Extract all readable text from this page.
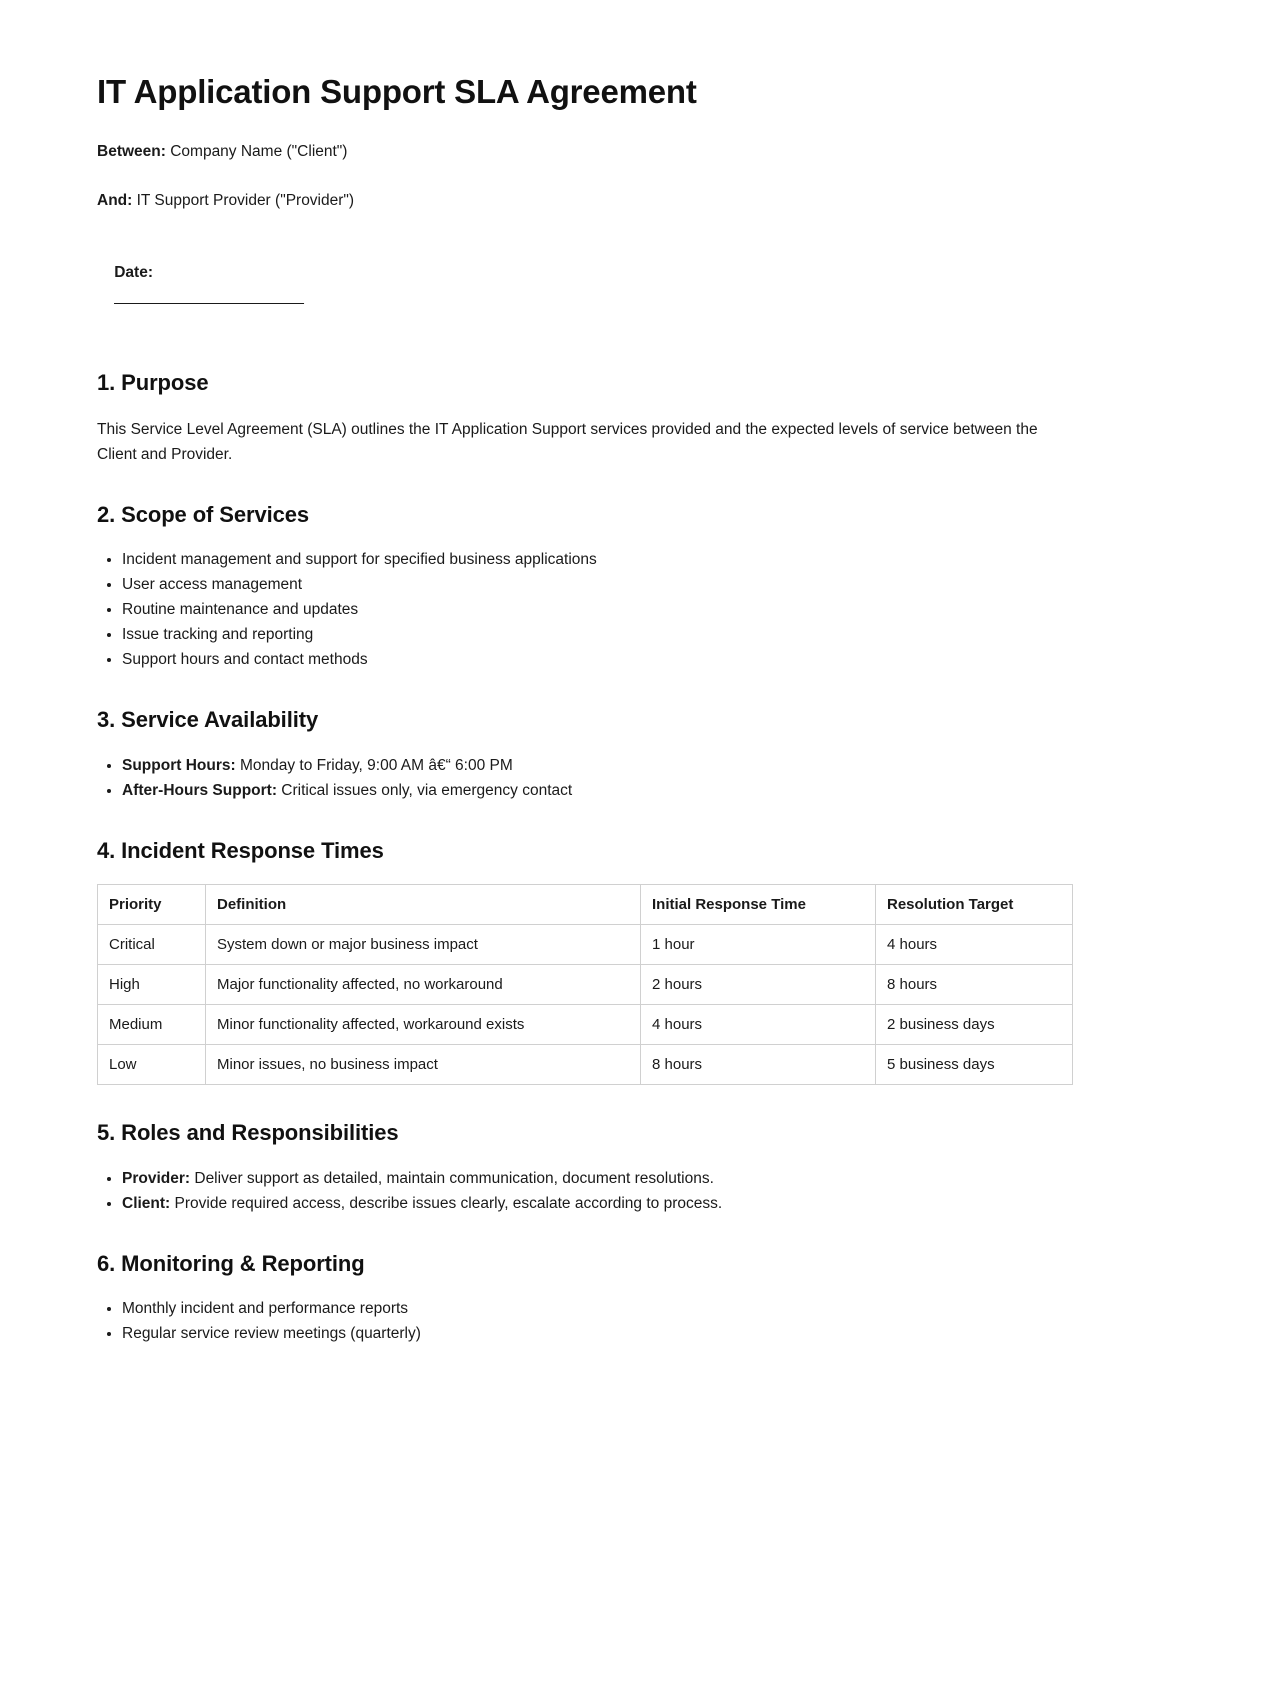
IT Application Support SLA Agreement

Between: Company Name ("Client")

And: IT Support Provider ("Provider")

Date:
______________________

1. Purpose

This Service Level Agreement (SLA) outlines the IT Application Support services provided and the expected levels of service between the Client and Provider.

2. Scope of Services
• Incident management and support for specified business applications
• User access management
• Routine maintenance and updates
• Issue tracking and reporting
• Support hours and contact methods
3. Service Availability
• Support Hours: Monday to Friday, 9:00 AM â€“ 6:00 PM
• After-Hours Support: Critical issues only, via emergency contact
4. Incident Response Times
Priority	Definition	Initial Response Time	Resolution Target
Critical	System down or major business impact	1 hour	4 hours
High	Major functionality affected, no workaround	2 hours	8 hours
Medium	Minor functionality affected, workaround exists	4 hours	2 business days
Low	Minor issues, no business impact	8 hours	5 business days
5. Roles and Responsibilities
• Provider: Deliver support as detailed, maintain communication, document resolutions.
• Client: Provide required access, describe issues clearly, escalate according to process.
6. Monitoring & Reporting
• Monthly incident and performance reports
• Regular service review meetings (quarterly)
